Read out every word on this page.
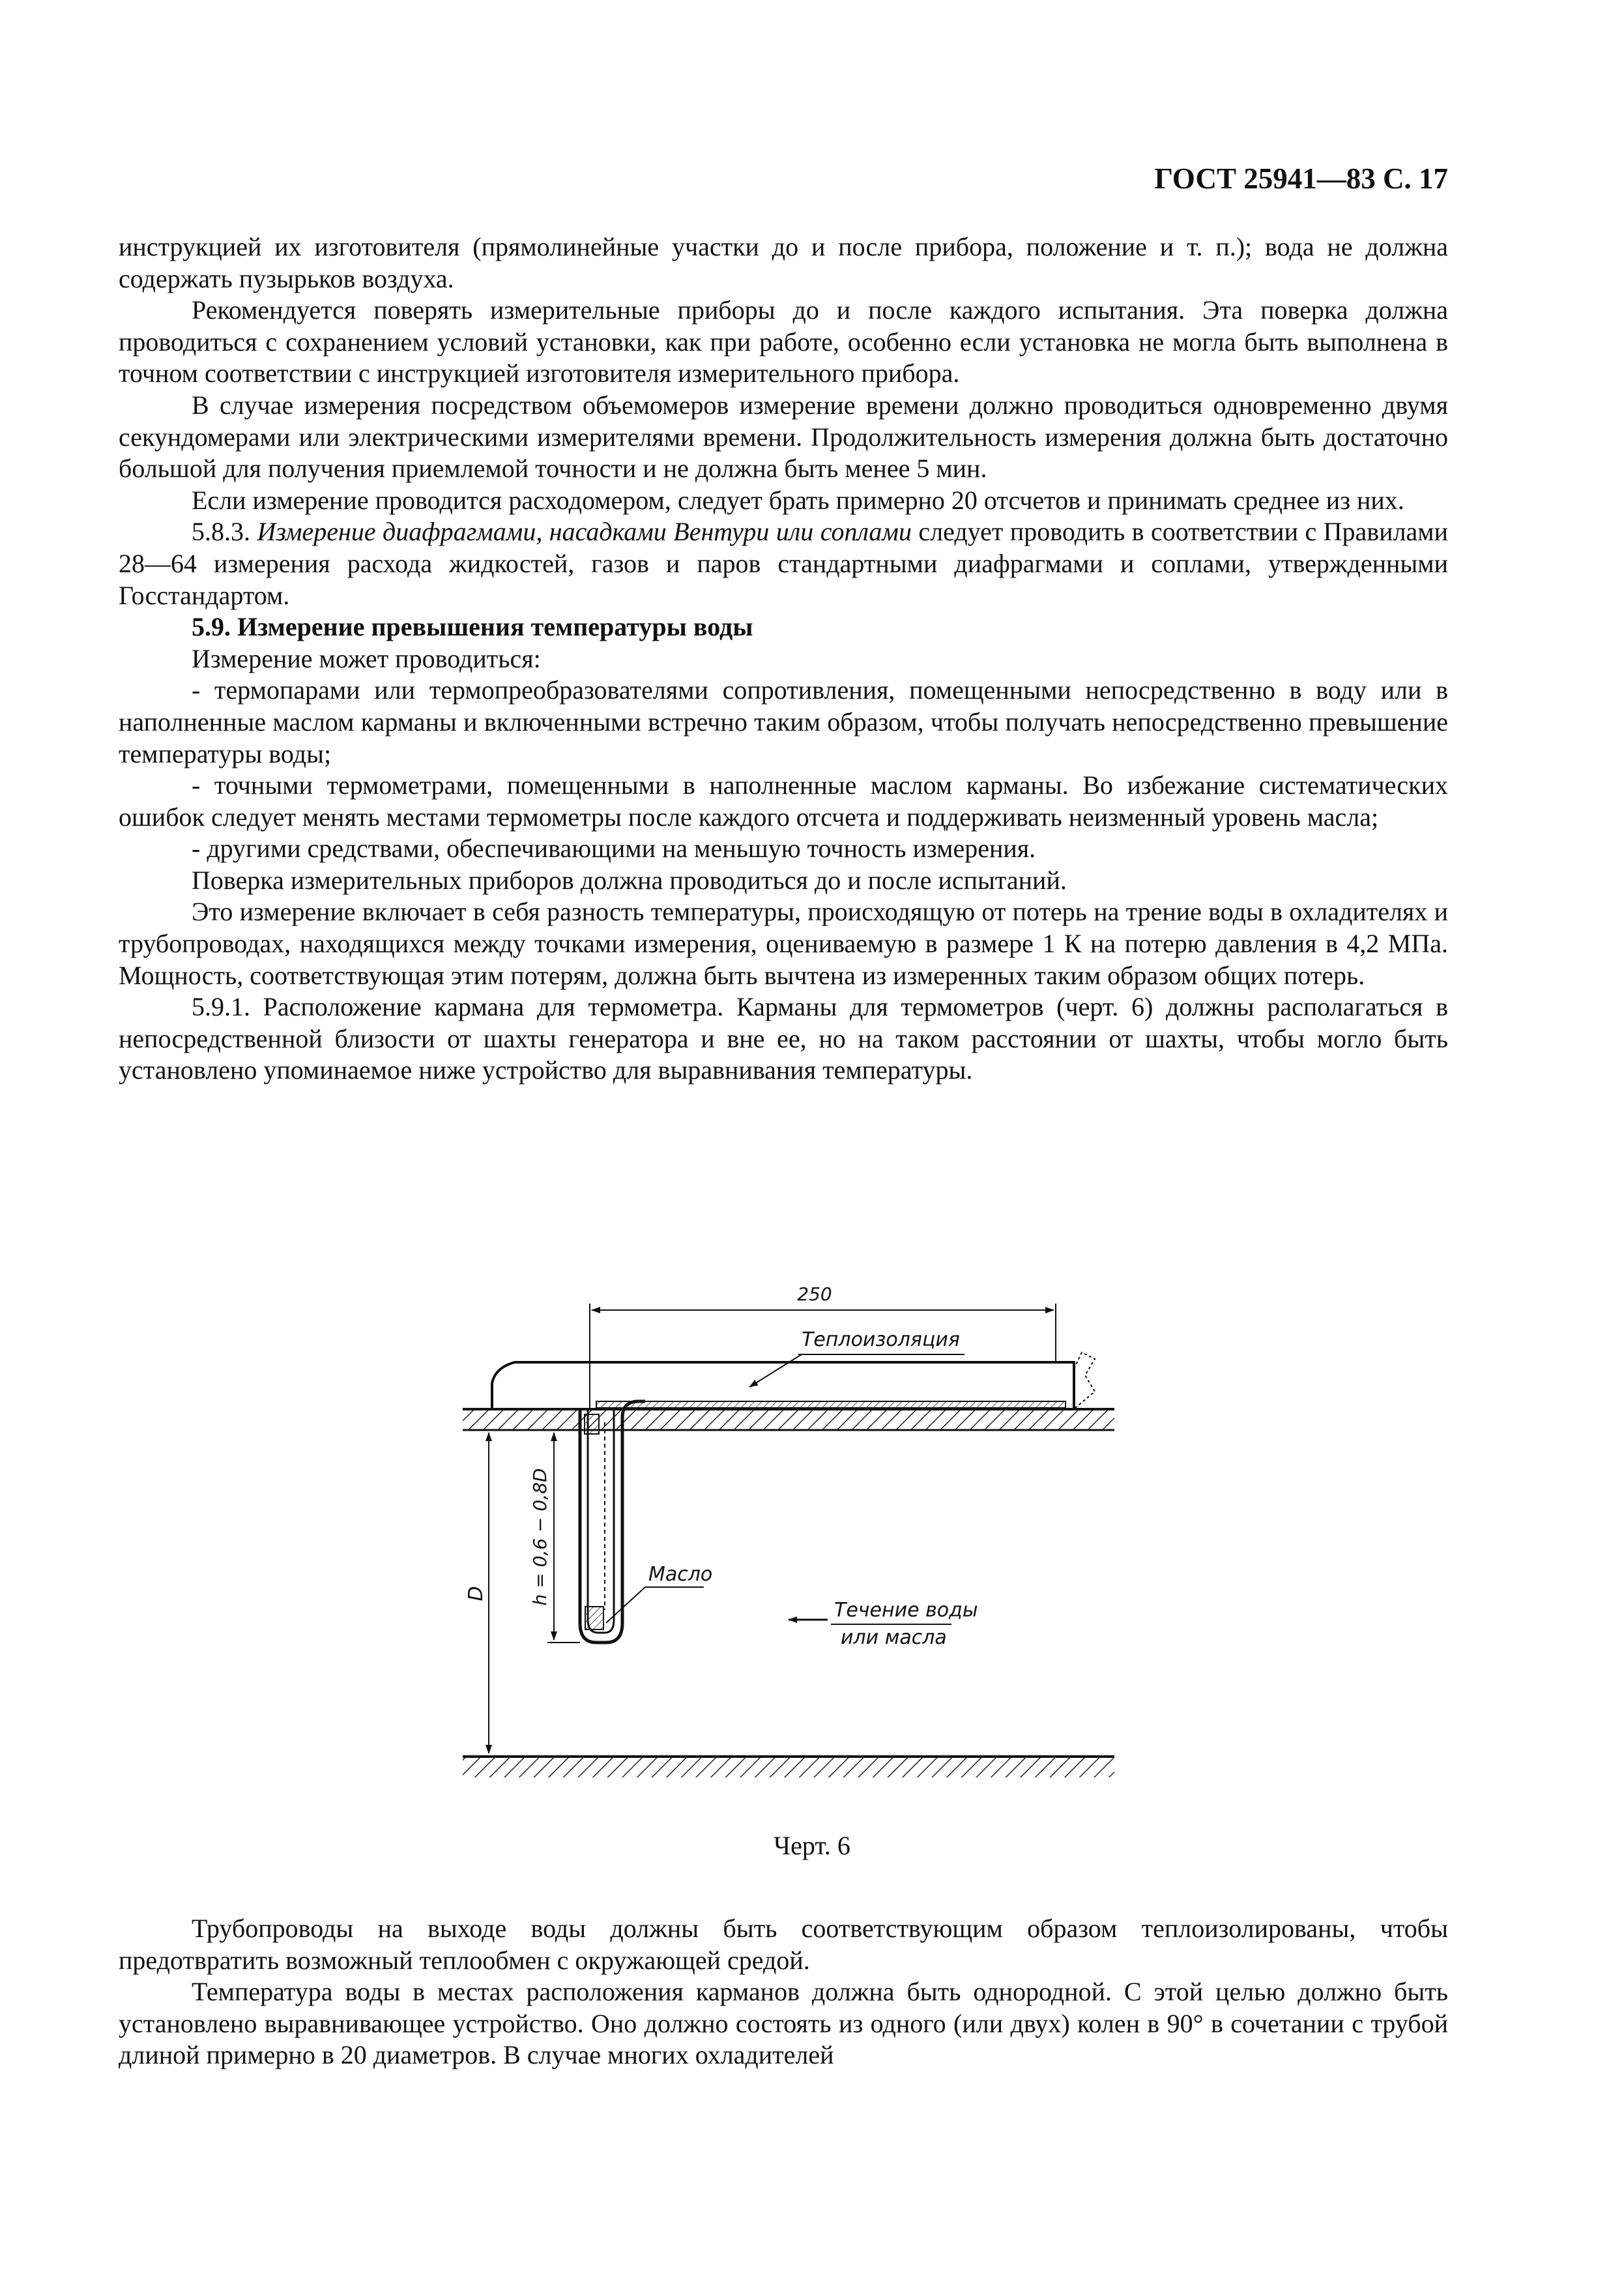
ГОСТ 25941—83 С. 17

инструкцией их изготовителя (прямолинейные участки до и после прибора, положение и т. п.); вода не должна содержать пузырьков воздуха.

Рекомендуется поверять измерительные приборы до и после каждого испытания. Эта поверка должна проводиться с сохранением условий установки, как при работе, особенно если установка не могла быть выполнена в точном соответствии с инструкцией изготовителя измерительного прибора.

В случае измерения посредством объемомеров измерение времени должно проводиться одновременно двумя секундомерами или электрическими измерителями времени. Продолжительность измерения должна быть достаточно большой для получения приемлемой точности и не должна быть менее 5 мин.

Если измерение проводится расходомером, следует брать примерно 20 отсчетов и принимать среднее из них.

5.8.3. Измерение диафрагмами, насадками Вентури или соплами следует проводить в соответствии с Правилами 28—64 измерения расхода жидкостей, газов и паров стандартными диафрагмами и соплами, утвержденными Госстандартом.

5.9. Измерение превышения температуры воды

Измерение может проводиться:

- термопарами или термопреобразователями сопротивления, помещенными непосредственно в воду или в наполненные маслом карманы и включенными встречно таким образом, чтобы получать непосредственно превышение температуры воды;

- точными термометрами, помещенными в наполненные маслом карманы. Во избежание систематических ошибок следует менять местами термометры после каждого отсчета и поддерживать неизменный уровень масла;

- другими средствами, обеспечивающими на меньшую точность измерения.

Поверка измерительных приборов должна проводиться до и после испытаний.

Это измерение включает в себя разность температуры, происходящую от потерь на трение воды в охладителях и трубопроводах, находящихся между точками измерения, оцениваемую в размере 1 К на потерю давления в 4,2 МПа. Мощность, соответствующая этим потерям, должна быть вычтена из измеренных таким образом общих потерь.

5.9.1. Расположение кармана для термометра. Карманы для термометров (черт. 6) должны располагаться в непосредственной близости от шахты генератора и вне ее, но на таком расстоянии от шахты, чтобы могло быть установлено упоминаемое ниже устройство для выравнивания температуры.

250
Теплоизоляция
D h = 0,6 − 0,8D	Масло
Течение воды
или масла
Черт. 6

Трубопроводы на выходе воды должны быть соответствующим образом теплоизолированы, чтобы предотвратить возможный теплообмен с окружающей средой.

Температура воды в местах расположения карманов должна быть однородной. С этой целью должно быть установлено выравнивающее устройство. Оно должно состоять из одного (или двух) колен в 90° в сочетании с трубой длиной примерно в 20 диаметров. В случае многих охладителей
